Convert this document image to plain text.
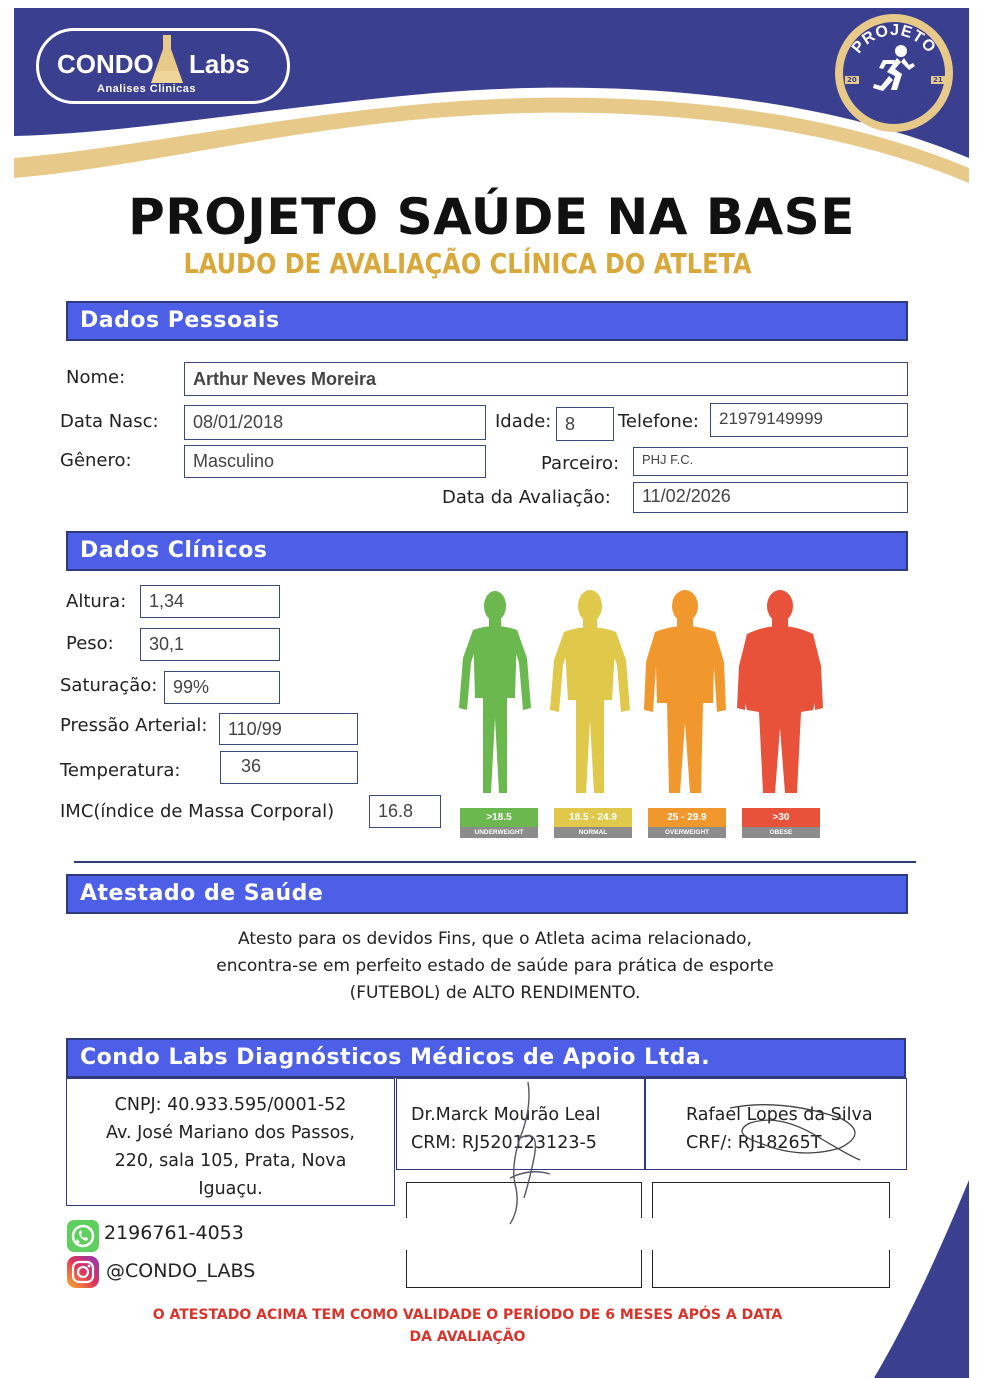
CONDO Labs
Analises Clinicas
PROJETO
SAÚDE NA BASE
20	21
PROJETO SAÚDE NA BASE
LAUDO DE AVALIAÇÃO CLÍNICA DO ATLETA
Dados Pessoais
Nome:	Arthur Neves Moreira
Data Nasc:	08/01/2018	Idade: 8	Telefone:	21979149999
Gênero:	Masculino	Parceiro:	PHJ F.C.
Data da Avaliação:	11/02/2026
Dados Clínicos
Altura:	1,34
Peso:	30,1
Saturação: 99%
Pressão Arterial:	110/99
Temperatura:	36
IMC(índice de Massa Corporal)	16.8	>18.5
UNDERWEIGHT
18.5 - 24.9
NORMAL
25 - 29.9
OVERWEIGHT
>30
OBESE
Atestado de Saúde
Atesto para os devidos Fins, que o Atleta acima relacionado,
encontra-se em perfeito estado de saúde para prática de esporte
(FUTEBOL) de ALTO RENDIMENTO.
Condo Labs Diagnósticos Médicos de Apoio Ltda.
CNPJ: 40.933.595/0001-52
Av. José Mariano dos Passos,
220, sala 105, Prata, Nova
Iguaçu.
Dr.Marck Mourão Leal
CRM: RJ520123123-5
Rafael Lopes da Silva
CRF/: RJ18265T
2196761-4053
@CONDO_LABS
O ATESTADO ACIMA TEM COMO VALIDADE O PERÍODO DE 6 MESES APÓS A DATA
DA AVALIAÇÃO
